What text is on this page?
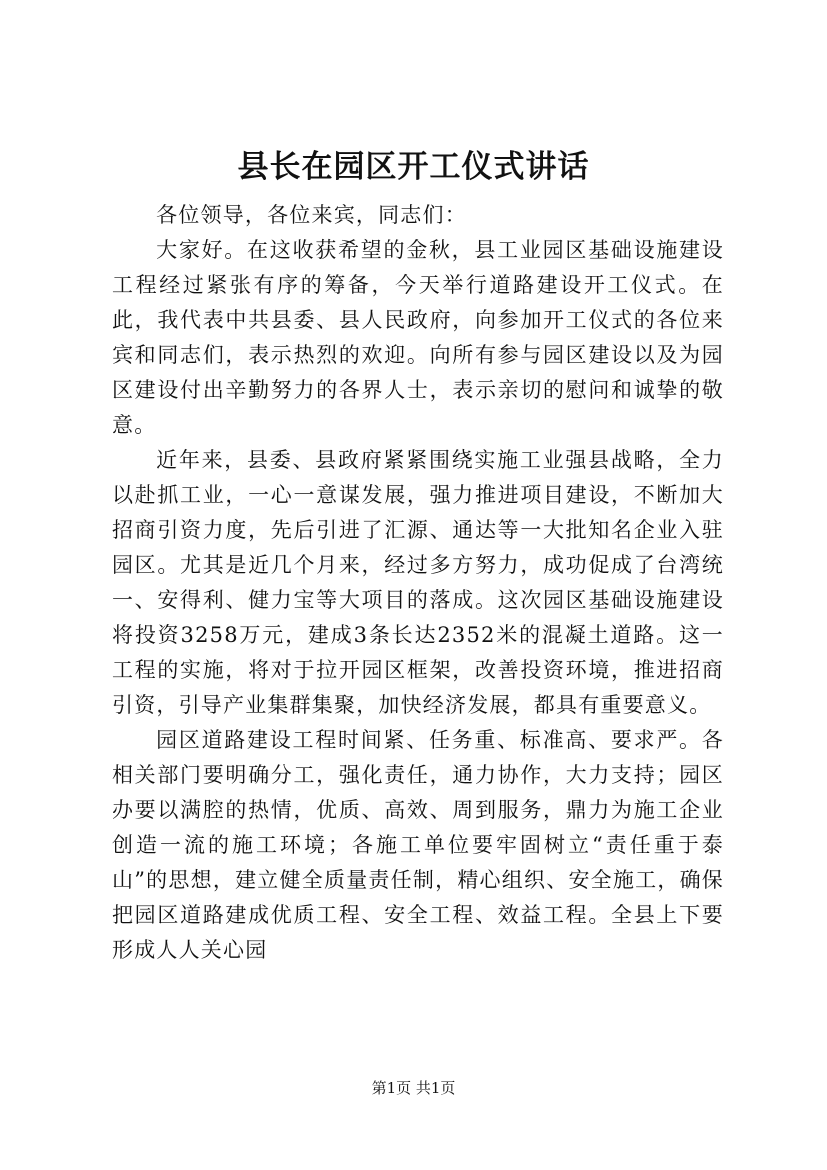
县长在园区开工仪式讲话

各位领导，各位来宾，同志们：

大家好。在这收获希望的金秋，县工业园区基础设施建设工程经过紧张有序的筹备，今天举行道路建设开工仪式。在此，我代表中共县委、县人民政府，向参加开工仪式的各位来宾和同志们，表示热烈的欢迎。向所有参与园区建设以及为园区建设付出辛勤努力的各界人士，表示亲切的慰问和诚挚的敬意。

近年来，县委、县政府紧紧围绕实施工业强县战略，全力以赴抓工业，一心一意谋发展，强力推进项目建设，不断加大招商引资力度，先后引进了汇源、通达等一大批知名企业入驻园区。尤其是近几个月来，经过多方努力，成功促成了台湾统一、安得利、健力宝等大项目的落成。这次园区基础设施建设将投资3258万元，建成3条长达2352米的混凝土道路。这一工程的实施，将对于拉开园区框架，改善投资环境，推进招商引资，引导产业集群集聚，加快经济发展，都具有重要意义。

园区道路建设工程时间紧、任务重、标准高、要求严。各相关部门要明确分工，强化责任，通力协作，大力支持；园区办要以满腔的热情，优质、高效、周到服务，鼎力为施工企业创造一流的施工环境；各施工单位要牢固树立“责任重于泰山”的思想，建立健全质量责任制，精心组织、安全施工，确保把园区道路建成优质工程、安全工程、效益工程。全县上下要形成人人关心园

第1页 共1页
